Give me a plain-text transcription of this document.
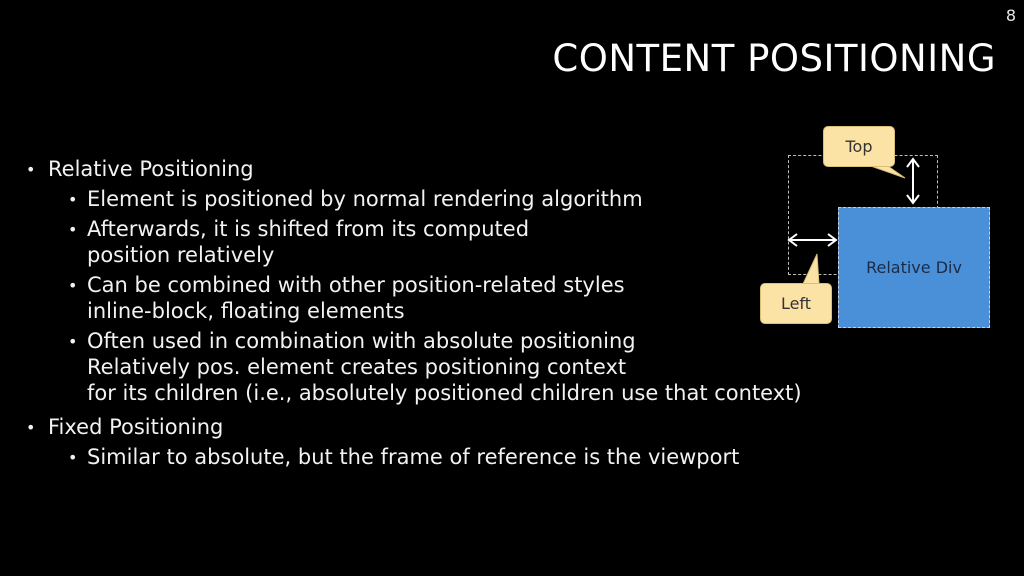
8
CONTENT POSITIONING
• Relative Positioning
• Element is positioned by normal rendering algorithm
• Afterwards, it is shifted from its computed
position relatively
• Can be combined with other position-related styles
inline-block, floating elements
• Often used in combination with absolute positioning
Relatively pos. element creates positioning context
for its children (i.e., absolutely positioned children use that context)
• Fixed Positioning
• Similar to absolute, but the frame of reference is the viewport
Relative Div
Top
Left
